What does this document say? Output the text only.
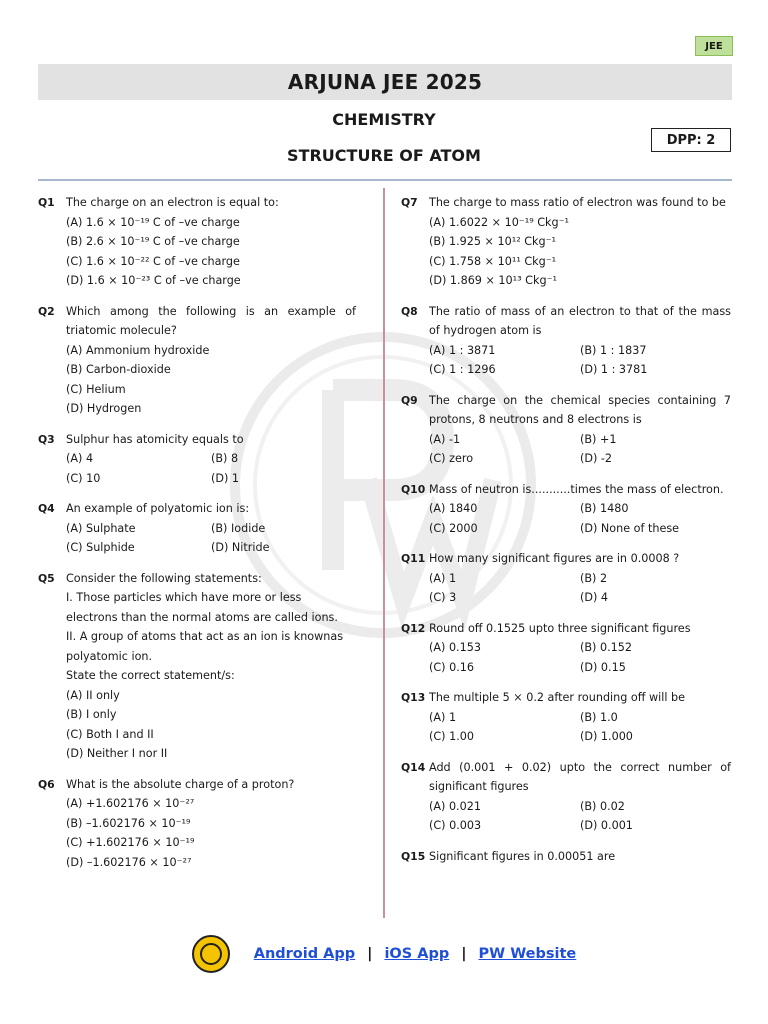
JEE
ARJUNA JEE 2025
CHEMISTRY
DPP: 2
STRUCTURE OF ATOM
Q1 The charge on an electron is equal to:
(A) 1.6 × 10⁻¹⁹ C of –ve charge
(B) 2.6 × 10⁻¹⁹ C of –ve charge
(C) 1.6 × 10⁻²² C of –ve charge
(D) 1.6 × 10⁻²³ C of –ve charge
Q2 Which among the following is an example of triatomic molecule?
(A) Ammonium hydroxide
(B) Carbon-dioxide
(C) Helium
(D) Hydrogen
Q3 Sulphur has atomicity equals to
(A) 4	(B) 8
(C) 10	(D) 1
Q4 An example of polyatomic ion is:
(A) Sulphate	(B) Iodide
(C) Sulphide	(D) Nitride
Q5 Consider the following statements:
I. Those particles which have more or less electrons than the normal atoms are called ions.
II. A group of atoms that act as an ion is knownas polyatomic ion.
State the correct statement/s:
(A) II only
(B) I only
(C) Both I and II
(D) Neither I nor II
Q6 What is the absolute charge of a proton?
(A) +1.602176 × 10⁻²⁷
(B) –1.602176 × 10⁻¹⁹
(C) +1.602176 × 10⁻¹⁹
(D) –1.602176 × 10⁻²⁷
Q7 The charge to mass ratio of electron was found to be
(A) 1.6022 × 10⁻¹⁹ Ckg⁻¹
(B) 1.925 × 10¹² Ckg⁻¹
(C) 1.758 × 10¹¹ Ckg⁻¹
(D) 1.869 × 10¹³ Ckg⁻¹
Q8 The ratio of mass of an electron to that of the mass of hydrogen atom is
(A) 1 : 3871	(B) 1 : 1837
(C) 1 : 1296	(D) 1 : 3781
Q9 The charge on the chemical species containing 7 protons, 8 neutrons and 8 electrons is
(A) -1	(B) +1
(C) zero	(D) -2
Q10 Mass of neutron is...........times the mass of electron.
(A) 1840	(B) 1480
(C) 2000	(D) None of these
Q11 How many significant figures are in 0.0008 ?
(A) 1	(B) 2
(C) 3	(D) 4
Q12 Round off 0.1525 upto three significant figures
(A) 0.153	(B) 0.152
(C) 0.16	(D) 0.15
Q13 The multiple 5 × 0.2 after rounding off will be
(A) 1	(B) 1.0
(C) 1.00	(D) 1.000
Q14 Add (0.001 + 0.02) upto the correct number of significant figures
(A) 0.021	(B) 0.02
(C) 0.003	(D) 0.001
Q15 Significant figures in 0.00051 are
Android App | iOS App | PW Website
